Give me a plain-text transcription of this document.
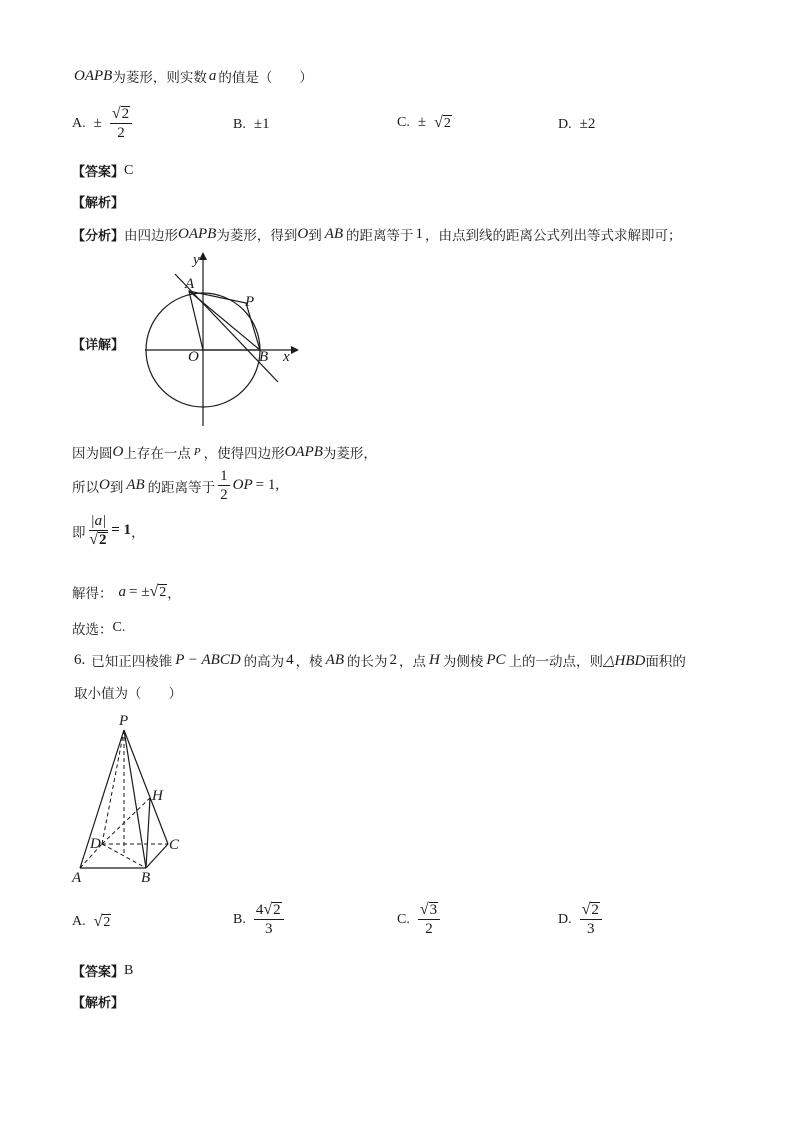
OAPB 为菱形，则实数 a 的值是（　　）
A. ± $\frac{√ 2}{2}$	B. ±1	C. ± √ 2	D. ±2
【答案】 C
【解析】
【分析】 由四边形 OAPB 为菱形，得到 O 到 AB 的距离等于 1 ，由点到线的距离公式列出等式求解即可；
【详解】
y
x
A
P
O	B
因为圆 O 上存在一点 P ，使得四边形 OAPB 为菱形，
所以 O 到 AB 的距离等于 $\frac{1}{2}$ OP = 1,
即 $\frac{|a|}{√ 2} = 1$ ，
解得： a = ± √ 2 ，
故选： C.
6. 已知正四棱锥 P − ABCD 的高为 4 ，棱 AB 的长为 2 ，点 H 为侧棱 PC 上的一动点，则 △HBD 面积的
取小值为（　　）
P
H
D	C
A	B
A. √ 2	B. $\frac{4 √ 2}{3}$	C. $\frac{√ 3}{2}$	D. $\frac{√ 2}{3}$
【答案】 B
【解析】
